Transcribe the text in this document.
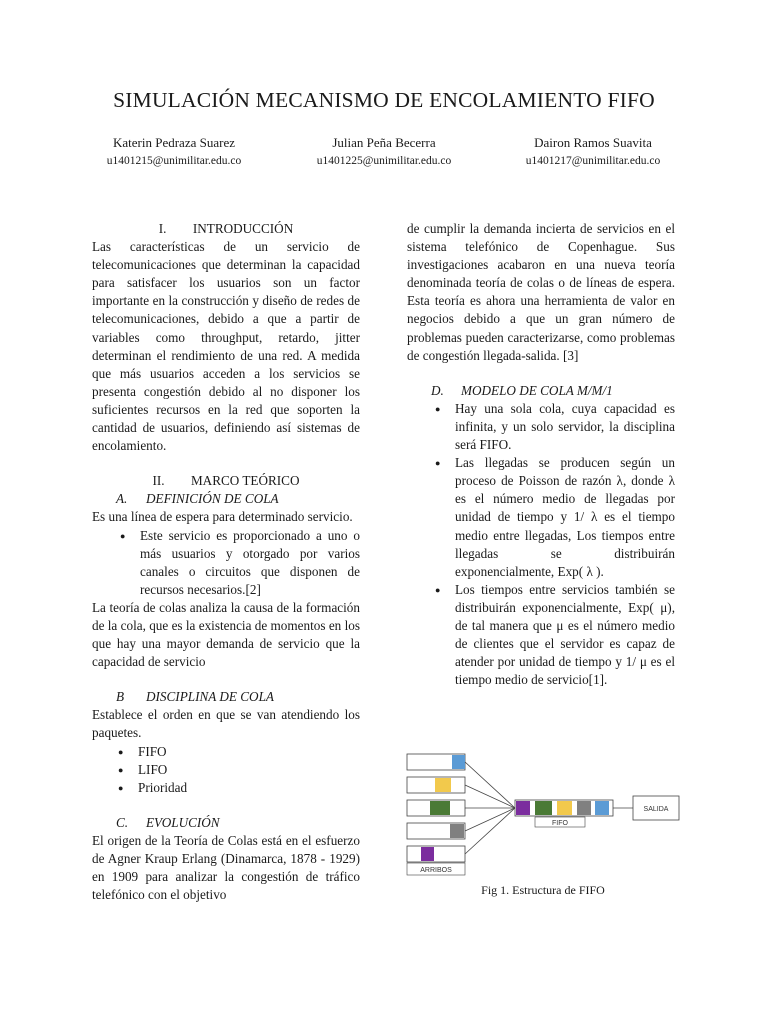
SIMULACIÓN MECANISMO DE ENCOLAMIENTO FIFO
Katerin Pedraza Suarez
u1401215@unimilitar.edu.co
Julian Peña Becerra
u1401225@unimilitar.edu.co
Dairon Ramos Suavita
u1401217@unimilitar.edu.co

I.        INTRODUCCIÓN

Las características de un servicio de telecomunicaciones que determinan la capacidad para satisfacer los usuarios son un factor importante en la construcción y diseño de redes de telecomunicaciones, debido a que a partir de variables como throughput, retardo, jitter determinan el rendimiento de una red. A medida que más usuarios acceden a los servicios se presenta congestión debido al no disponer los suficientes recursos en la red que soporten la cantidad de usuarios, definiendo así sistemas de encolamiento.

II.        MARCO TEÓRICO

A. DEFINICIÓN DE COLA

Es una línea de espera para determinado servicio.

● Este servicio es proporcionado a uno o más usuarios y otorgado por varios canales o circuitos que disponen de recursos necesarios.[2]

La teoría de colas analiza la causa de la formación de la cola, que es la existencia de momentos en los que hay una mayor demanda de servicio que la capacidad de servicio

B DISCIPLINA DE COLA

Establece el orden en que se van atendiendo los paquetes.

● FIFO
● LIFO
● Prioridad

C. EVOLUCIÓN

El origen de la Teoría de Colas está en el esfuerzo de Agner Kraup Erlang (Dinamarca, 1878 - 1929) en 1909 para analizar la congestión de tráfico telefónico con el objetivo

de cumplir la demanda incierta de servicios en el sistema telefónico de Copenhague. Sus investigaciones acabaron en una nueva teoría denominada teoría de colas o de líneas de espera. Esta teoría es ahora una herramienta de valor en negocios debido a que un gran número de problemas pueden caracterizarse, como problemas de congestión llegada-salida. [3]

D. MODELO DE COLA M/M/1

● Hay una sola cola, cuya capacidad es infinita, y un solo servidor, la disciplina será FIFO.
● Las llegadas se producen según un proceso de Poisson de razón λ, donde λ es el número medio de llegadas por unidad de tiempo y 1/ λ es el tiempo medio entre llegadas, Los tiempos entre llegadas se distribuirán exponencialmente, Exp( λ ).
● Los tiempos entre servicios también se distribuirán exponencialmente, Exp( μ), de tal manera que μ es el número medio de clientes que el servidor es capaz de atender por unidad de tiempo y 1/ μ es el tiempo medio de servicio[1].
FIFO
SALIDA
ARRIBOS
Fig 1. Estructura de FIFO
